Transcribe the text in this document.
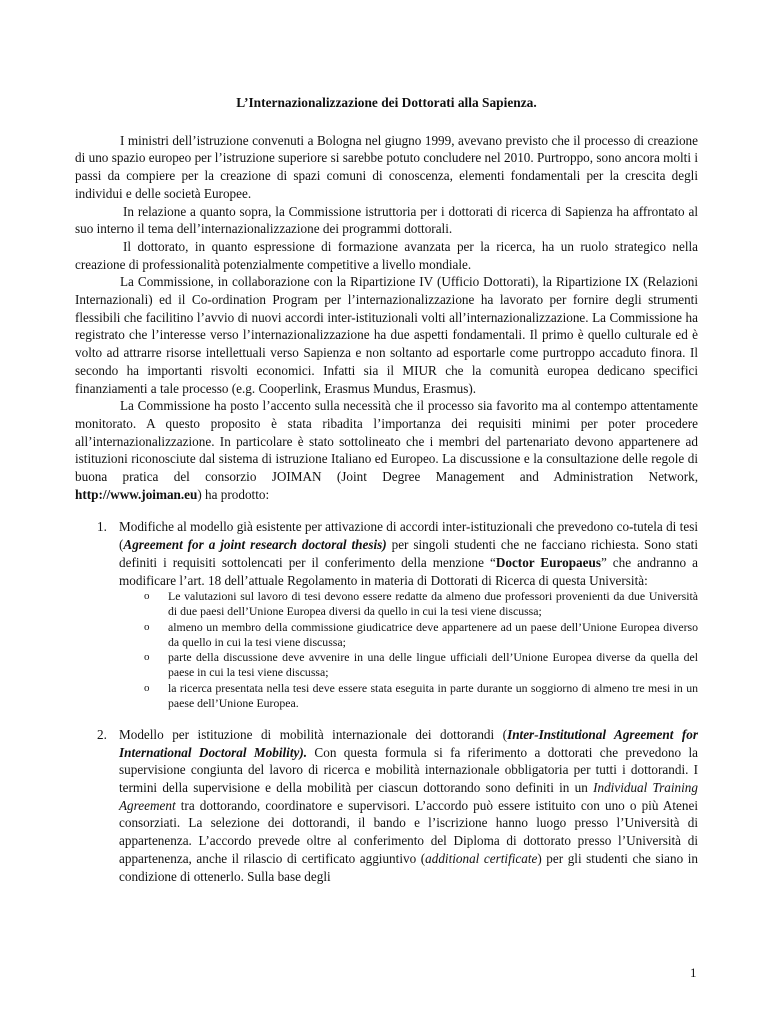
L’Internazionalizzazione dei Dottorati alla Sapienza.

I ministri dell’istruzione convenuti a Bologna nel giugno 1999, avevano previsto che il processo di creazione di uno spazio europeo per l’istruzione superiore si sarebbe potuto concludere nel 2010. Purtroppo, sono ancora molti i passi da compiere per la creazione di spazi comuni di conoscenza, elementi fondamentali per la crescita degli individui e delle società Europee.

In relazione a quanto sopra, la Commissione istruttoria per i dottorati di ricerca di Sapienza ha affrontato al suo interno il tema dell’internazionalizzazione dei programmi dottorali.

Il dottorato, in quanto espressione di formazione avanzata per la ricerca, ha un ruolo strategico nella creazione di professionalità potenzialmente competitive a livello mondiale.

La Commissione, in collaborazione con la Ripartizione IV (Ufficio Dottorati), la Ripartizione IX (Relazioni Internazionali) ed il Co-ordination Program per l’internazionalizzazione ha lavorato per fornire degli strumenti flessibili che facilitino l’avvio di nuovi accordi inter-istituzionali volti all’internazionalizzazione. La Commissione ha registrato che l’interesse verso l’internazionalizzazione ha due aspetti fondamentali. Il primo è quello culturale ed è volto ad attrarre risorse intellettuali verso Sapienza e non soltanto ad esportarle come purtroppo accaduto finora. Il secondo ha importanti risvolti economici. Infatti sia il MIUR che la comunità europea dedicano specifici finanziamenti a tale processo (e.g. Cooperlink, Erasmus Mundus, Erasmus).

La Commissione ha posto l’accento sulla necessità che il processo sia favorito ma al contempo attentamente monitorato. A questo proposito è stata ribadita l’importanza dei requisiti minimi per poter procedere all’internazionalizzazione. In particolare è stato sottolineato che i membri del partenariato devono appartenere ad istituzioni riconosciute dal sistema di istruzione Italiano ed Europeo. La discussione e la consultazione delle regole di buona pratica del consorzio JOIMAN (Joint Degree Management and Administration Network, http://www.joiman.eu) ha prodotto:

1. Modifiche al modello già esistente per attivazione di accordi inter-istituzionali che prevedono co-tutela di tesi (Agreement for a joint research doctoral thesis) per singoli studenti che ne facciano richiesta. Sono stati definiti i requisiti sottolencati per il conferimento della menzione “Doctor Europaeus” che andranno a modificare l’art. 18 dell’attuale Regolamento in materia di Dottorati di Ricerca di questa Università:
o Le valutazioni sul lavoro di tesi devono essere redatte da almeno due professori provenienti da due Università di due paesi dell’Unione Europea diversi da quello in cui la tesi viene discussa;
o almeno un membro della commissione giudicatrice deve appartenere ad un paese dell’Unione Europea diverso da quello in cui la tesi viene discussa;
o parte della discussione deve avvenire in una delle lingue ufficiali dell’Unione Europea diverse da quella del paese in cui la tesi viene discussa;
o la ricerca presentata nella tesi deve essere stata eseguita in parte durante un soggiorno di almeno tre mesi in un paese dell’Unione Europea.
2. Modello per istituzione di mobilità internazionale dei dottorandi (Inter-Institutional Agreement for International Doctoral Mobility). Con questa formula si fa riferimento a dottorati che prevedono la supervisione congiunta del lavoro di ricerca e mobilità internazionale obbligatoria per tutti i dottorandi. I termini della supervisione e della mobilità per ciascun dottorando sono definiti in un Individual Training Agreement tra dottorando, coordinatore e supervisori. L’accordo può essere istituito con uno o più Atenei consorziati. La selezione dei dottorandi, il bando e l’iscrizione hanno luogo presso l’Università di appartenenza. L’accordo prevede oltre al conferimento del Diploma di dottorato presso l’Università di appartenenza, anche il rilascio di certificato aggiuntivo (additional certificate) per gli studenti che siano in condizione di ottenerlo. Sulla base degli
1
